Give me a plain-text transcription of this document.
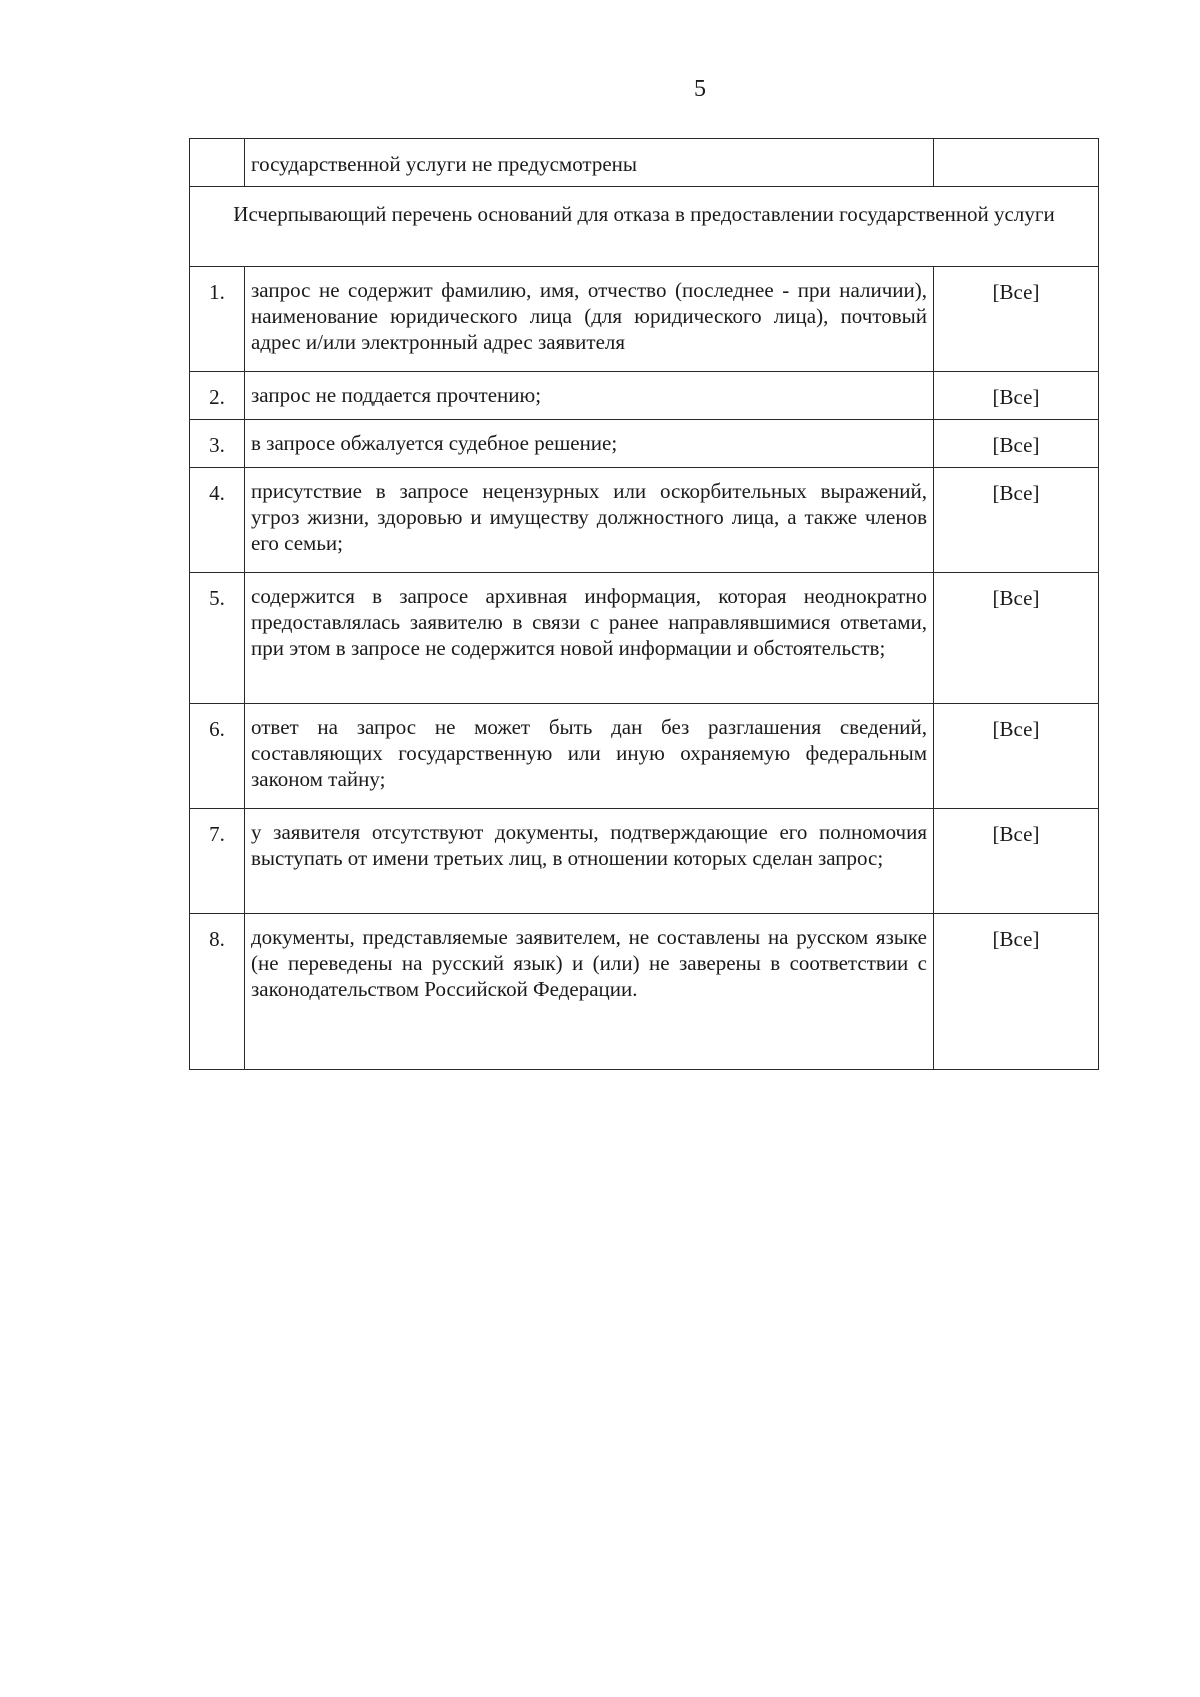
5
	государственной услуги не предусмотрены	
Исчерпывающий перечень оснований для отказа в предоставлении государственной услуги		
1.	запрос не содержит фамилию, имя, отчество (последнее - при наличии), наименование юридического лица (для юридического лица), почтовый адрес и/или электронный адрес заявителя	[Все]
2.	запрос не поддается прочтению;	[Все]
3.	в запросе обжалуется судебное решение;	[Все]
4.	присутствие в запросе нецензурных или оскорбительных выражений, угроз жизни, здоровью и имуществу должностного лица, а также членов его семьи;	[Все]
5.	содержится в запросе архивная информация, которая неоднократно предоставлялась заявителю в связи с ранее направлявшимися ответами, при этом в запросе не содержится новой информации и обстоятельств;	[Все]
6.	ответ на запрос не может быть дан без разглашения сведений, составляющих государственную или иную охраняемую федеральным законом тайну;	[Все]
7.	у заявителя отсутствуют документы, подтверждающие его полномочия выступать от имени третьих лиц, в отношении которых сделан запрос;	[Все]
8.	документы, представляемые заявителем, не составлены на русском языке (не переведены на русский язык) и (или) не заверены в соответствии с законодательством Российской Федерации.	[Все]
